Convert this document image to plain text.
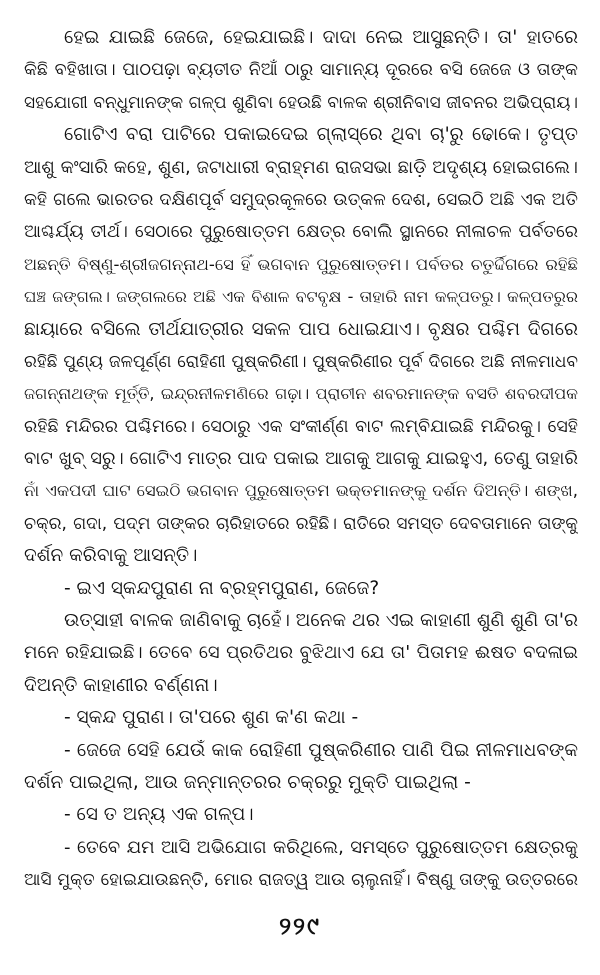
ହେଇ ଯାଇଛି ଜେଜେ, ହେଇଯାଇଛି। ଦାଦା ନେଇ ଆସୁଛନ୍ତି। ତା' ହାତରେ
କିଛି ବହିଖାତା। ପାଠପଢ଼ା ବ୍ୟତୀତ ନିଆଁ ଠାରୁ ସାମାନ୍ୟ ଦୂରରେ ବସି ଜେଜେ ଓ ତାଙ୍କ
ସହଯୋଗୀ ବନ୍ଧୁମାନଙ୍କ ଗଳ୍ପ ଶୁଣିବା ହେଉଛି ବାଳକ ଶ୍ରୀନିବାସ ଜୀବନର ଅଭିପ୍ରାୟ।
ଗୋଟିଏ ବରା ପାଟିରେ ପକାଇଦେଇ ଗ୍ଲାସ୍‌ରେ ଥିବା ଚା'ରୁ ଢୋକେ। ତୃପ୍ତ
ଆଶୁ କଂସାରି କହେ, ଶୁଣ, ଜଟାଧାରୀ ବ୍ରାହ୍ମଣ ରାଜସଭା ଛାଡ଼ି ଅଦୃଶ୍ୟ ହୋଇଗଲେ।
କହି ଗଲେ ଭାରତର ଦକ୍ଷିଣପୂର୍ବ ସମୁଦ୍ରକୂଳରେ ଉତ୍କଳ ଦେଶ, ସେଇଠି ଅଛି ଏକ ଅତି
ଆଶ୍ଚର୍ଯ୍ୟ ତୀର୍ଥ। ସେଠାରେ ପୁରୁଷୋତ୍ତମ କ୍ଷେତ୍ର ବୋଲି ସ୍ଥାନରେ ନୀଳାଚଳ ପର୍ବତରେ
ଅଛନ୍ତି ବିଷ୍ଣୁ-ଶ୍ରୀଜଗନ୍ନାଥ-ସେ ହିଁ ଭଗବାନ ପୁରୁଷୋତ୍ତମ। ପର୍ବତର ଚତୁର୍ଦ୍ଦିଗରେ ରହିଛି
ଘଞ୍ଚ ଜଙ୍ଗଲ। ଜଙ୍ଗଲରେ ଅଛି ଏକ ବିଶାଳ ବଟବୃକ୍ଷ - ତାହାରି ନାମ କଳ୍ପତରୁ। କଳ୍ପତରୁର
ଛାୟାରେ ବସିଲେ ତୀର୍ଥଯାତ୍ରୀର ସକଳ ପାପ ଧୋଇଯାଏ। ବୃକ୍ଷର ପଶ୍ଚିମ ଦିଗରେ
ରହିଛି ପୁଣ୍ୟ ଜଳପୂର୍ଣ୍ଣ ରୋହିଣୀ ପୁଷ୍କରିଣୀ। ପୁଷ୍କରିଣୀର ପୂର୍ବ ଦିଗରେ ଅଛି ନୀଳମାଧବ
ଜଗନ୍ନାଥଙ୍କ ମୂର୍ତ୍ତି, ଇନ୍ଦ୍ରନୀଳମଣିରେ ଗଢ଼ା। ପ୍ରାଚୀନ ଶବରମାନଙ୍କ ବସତି ଶବରଦୀପକ
ରହିଛି ମନ୍ଦିରର ପଶ୍ଚିମରେ। ସେଠାରୁ ଏକ ସଂକୀର୍ଣ୍ଣ ବାଟ ଲମ୍ବିଯାଇଛି ମନ୍ଦିରକୁ। ସେହି
ବାଟ ଖୁବ୍ ସରୁ। ଗୋଟିଏ ମାତ୍ର ପାଦ ପକାଇ ଆଗକୁ ଆଗକୁ ଯାଇହୁଏ, ତେଣୁ ତାହାରି
ନାଁ ଏକପଦୀ ଘାଟ ସେଇଠି ଭଗବାନ ପୁରୁଷୋତ୍ତମ ଭକ୍ତମାନଙ୍କୁ ଦର୍ଶନ ଦିଅନ୍ତି। ଶଙ୍ଖ,
ଚକ୍ର, ଗଦା, ପଦ୍ମ ତାଙ୍କର ଚାରିହାତରେ ରହିଛି। ରାତିରେ ସମସ୍ତ ଦେବତାମାନେ ତାଙ୍କୁ
ଦର୍ଶନ କରିବାକୁ ଆସନ୍ତି।
- ଇଏ ସ୍କନ୍ଦପୁରାଣ ନା ବ୍ରହ୍ମପୁରାଣ, ଜେଜେ?
ଉତ୍ସାହୀ ବାଳକ ଜାଣିବାକୁ ଚାହେଁ। ଅନେକ ଥର ଏଇ କାହାଣୀ ଶୁଣି ଶୁଣି ତା'ର
ମନେ ରହିଯାଇଛି। ତେବେ ସେ ପ୍ରତିଥର ବୁଝିଥାଏ ଯେ ତା' ପିତାମହ ଈଷତ ବଦଳାଇ
ଦିଅନ୍ତି କାହାଣୀର ବର୍ଣ୍ଣନା।
- ସ୍କନ୍ଦ ପୁରାଣ। ତା'ପରେ ଶୁଣ କ'ଣ କଥା -
- ଜେଜେ ସେହି ଯେଉଁ କାକ ରୋହିଣୀ ପୁଷ୍କରିଣୀର ପାଣି ପିଇ ନୀଳମାଧବଙ୍କ
ଦର୍ଶନ ପାଇଥିଲା, ଆଉ ଜନ୍ମାନ୍ତରର ଚକ୍ରରୁ ମୁକ୍ତି ପାଇଥିଲା -
- ସେ ତ ଅନ୍ୟ ଏକ ଗଳ୍ପ।
- ତେବେ ଯମ ଆସି ଅଭିଯୋଗ କରିଥିଲେ, ସମସ୍ତେ ପୁରୁଷୋତ୍ତମ କ୍ଷେତ୍ରକୁ
ଆସି ମୁକ୍ତ ହୋଇଯାଉଛନ୍ତି, ମୋର ରାଜତ୍ୱ ଆଉ ଚାଲୁନାହିଁ। ବିଷ୍ଣୁ ତାଙ୍କୁ ଉତ୍ତରରେ
୨୨୯
